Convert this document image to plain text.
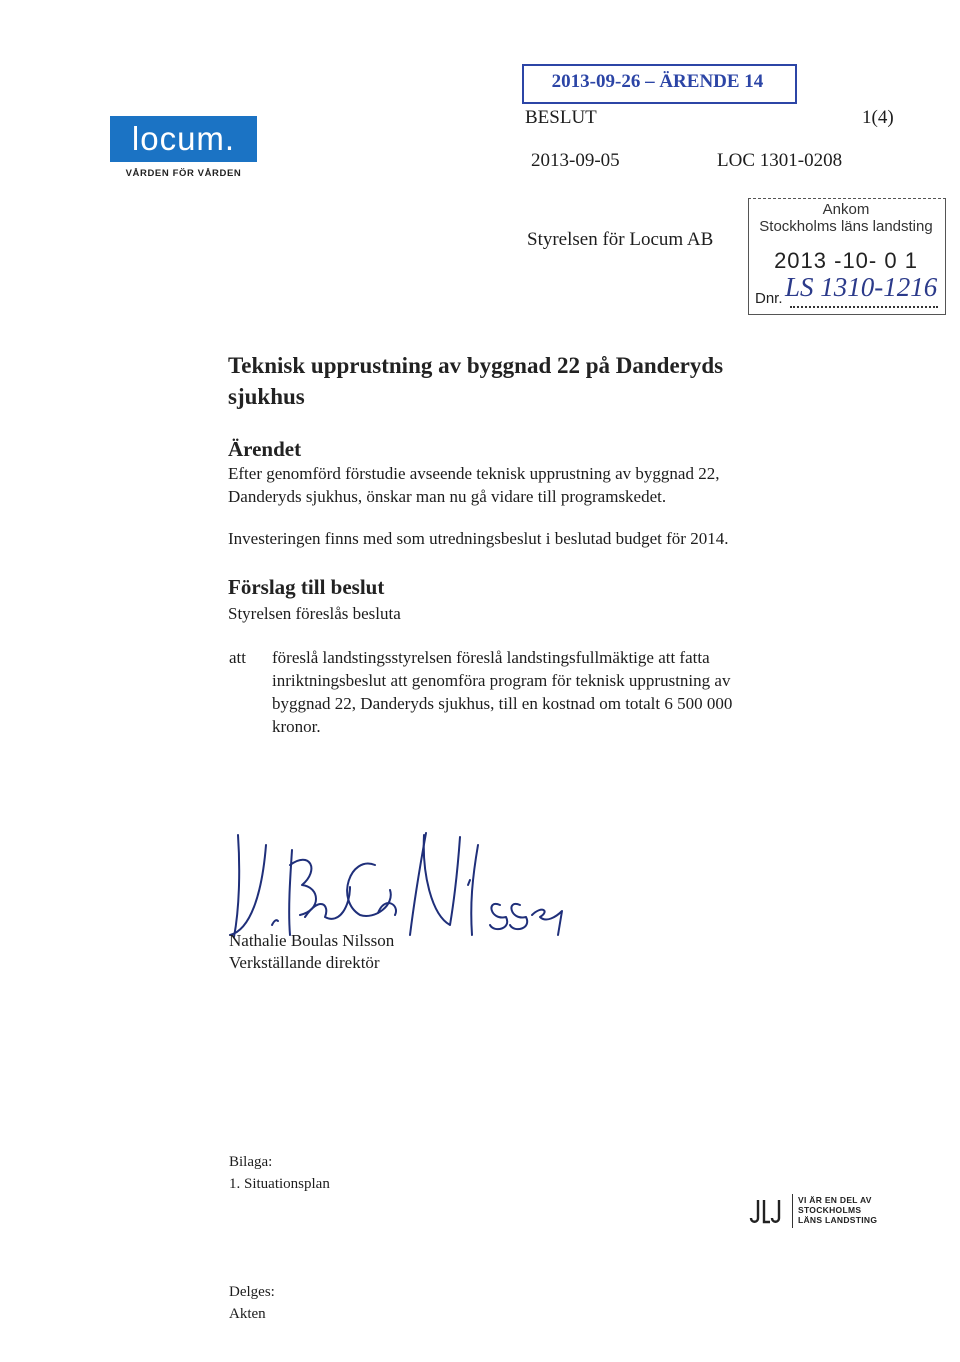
locum.
VÅRDEN FÖR VÅRDEN
2013-09-26 – ÄRENDE 14
BESLUT	1(4)
2013-09-05	LOC 1301-0208
Styrelsen för Locum AB
Ankom
Stockholms läns landsting
2013 -10- 0 1
Dnr. LS 1310-1216
Teknisk upprustning av byggnad 22 på Danderyds sjukhus
Ärendet
Efter genomförd förstudie avseende teknisk upprustning av byggnad 22, Danderyds sjukhus, önskar man nu gå vidare till programskedet.
Investeringen finns med som utredningsbeslut i beslutad budget för 2014.
Förslag till beslut
Styrelsen föreslås besluta
att föreslå landstingsstyrelsen föreslå landstingsfullmäktige att fatta inriktningsbeslut att genomföra program för teknisk upprustning av byggnad 22, Danderyds sjukhus, till en kostnad om totalt 6 500 000 kronor.
Nathalie Boulas Nilsson
Verkställande direktör
Bilaga:
1. Situationsplan
VI ÄR EN DEL AV
STOCKHOLMS
LÄNS LANDSTING
Delges:
Akten
